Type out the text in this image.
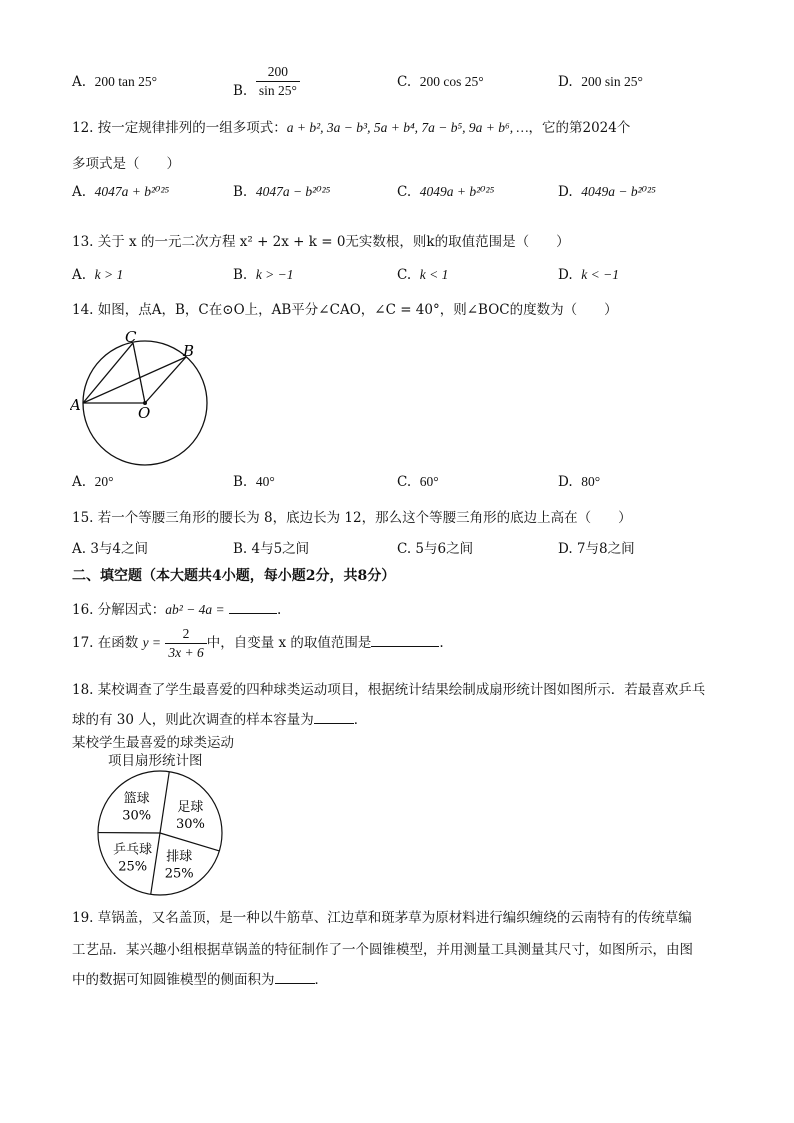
A. 200 tan 25°
B. $\frac{200}{\sin 25^\circ}$	C. 200 cos 25°	D. 200 sin 25°
12. 按一定规律排列的一组多项式：a + b², 3a − b³, 5a + b⁴, 7a − b⁵, 9a + b⁶, …，它的第2024个
多项式是（　　）
A. 4047a + b²⁰²⁵	B. 4047a − b²⁰²⁵	C. 4049a + b²⁰²⁵	D. 4049a − b²⁰²⁵
13. 关于 x 的一元二次方程 x² + 2x + k = 0无实数根，则k的取值范围是（　　）
A. k > 1	B. k > −1	C. k < 1	D. k < −1
14. 如图，点A，B，C在⊙O上，AB平分∠CAO，∠C = 40°，则∠BOC的度数为（　　）
C
B
A	O
A. 20°	B. 40°	C. 60°	D. 80°
15. 若一个等腰三角形的腰长为 8，底边长为 12，那么这个等腰三角形的底边上高在（　　）
A. 3与4之间	B. 4与5之间	C. 5与6之间	D. 7与8之间
二、填空题（本大题共4小题，每小题2分，共8分）
16. 分解因式：ab² − 4a =	.
17. 在函数 $y = \frac{2}{3x + 6}$ 中，自变量 x 的取值范围是	.
18. 某校调查了学生最喜爱的四种球类运动项目，根据统计结果绘制成扇形统计图如图所示．若最喜欢乒乓
球的有 30 人，则此次调查的样本容量为	．
某校学生最喜爱的球类运动
项目扇形统计图
足球
30%
排球
25%
乒乓球
25%
篮球
30%
19. 草锅盖，又名盖顶，是一种以牛筋草、江边草和斑茅草为原材料进行编织缠绕的云南特有的传统草编
工艺品．某兴趣小组根据草锅盖的特征制作了一个圆锥模型，并用测量工具测量其尺寸，如图所示，由图
中的数据可知圆锥模型的侧面积为	．
